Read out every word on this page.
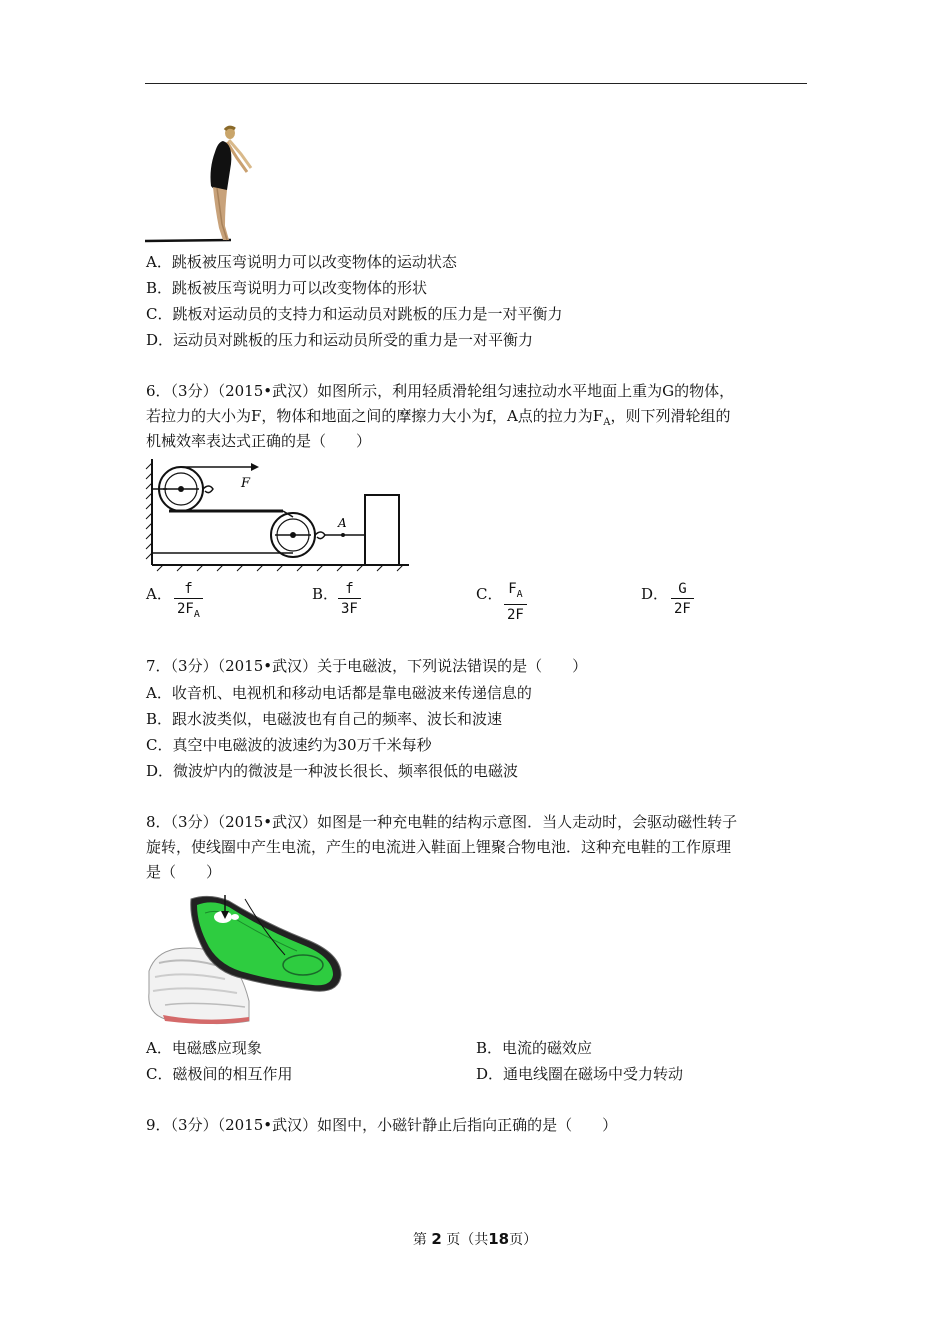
A．跳板被压弯说明力可以改变物体的运动状态
B．跳板被压弯说明力可以改变物体的形状
C．跳板对运动员的支持力和运动员对跳板的压力是一对平衡力
D．运动员对跳板的压力和运动员所受的重力是一对平衡力
6．（3分）（2015•武汉）如图所示，利用轻质滑轮组匀速拉动水平地面上重为G的物体，
若拉力的大小为F，物体和地面之间的摩擦力大小为f，A点的拉力为$F_A$，则下列滑轮组的
机械效率表达式正确的是（　　）
F
A
A． f
$2F_A$
B． f
3F
C． $F_A$
2F
D． G
2F
7．（3分）（2015•武汉）关于电磁波，下列说法错误的是（　　）
A．收音机、电视机和移动电话都是靠电磁波来传递信息的
B．跟水波类似，电磁波也有自己的频率、波长和波速
C．真空中电磁波的波速约为30万千米每秒
D．微波炉内的微波是一种波长很长、频率很低的电磁波
8．（3分）（2015•武汉）如图是一种充电鞋的结构示意图．当人走动时，会驱动磁性转子
旋转，使线圈中产生电流，产生的电流进入鞋面上锂聚合物电池．这种充电鞋的工作原理
是（　　）
A．电磁感应现象	B．电流的磁效应
C．磁极间的相互作用	D．通电线圈在磁场中受力转动
9．（3分）（2015•武汉）如图中，小磁针静止后指向正确的是（　　）
第 2 页（共18页）
